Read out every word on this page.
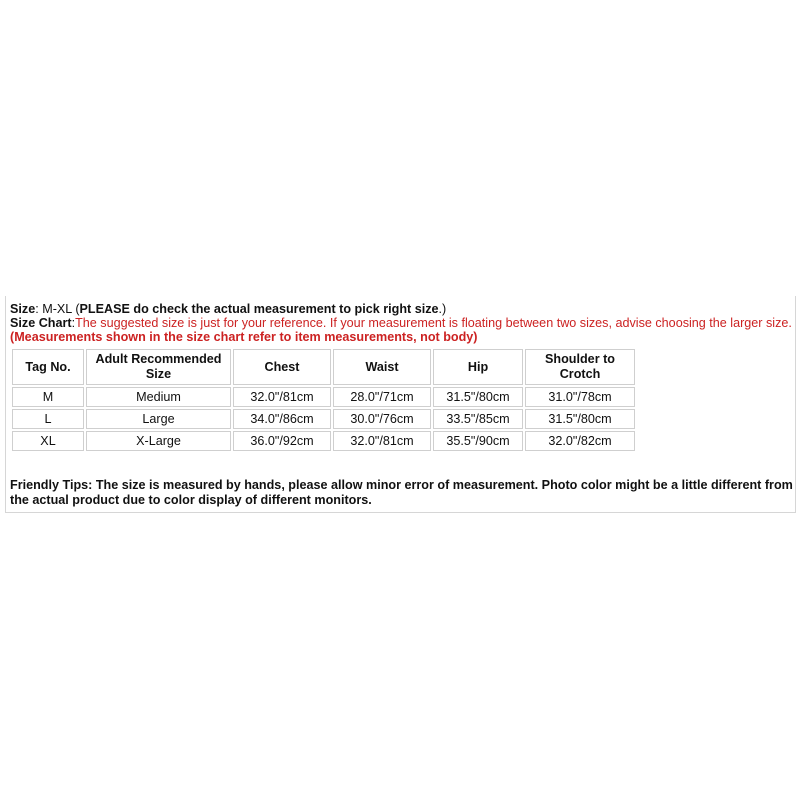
Size: M-XL (PLEASE do check the actual measurement to pick right size.)
Size Chart:The suggested size is just for your reference. If your measurement is floating between two sizes, advise choosing the larger size. (Measurements shown in the size chart refer to item measurements, not body)
Tag No.	Adult Recommended Size	Chest	Waist	Hip	Shoulder to Crotch
M	Medium	32.0"/81cm	28.0"/71cm	31.5"/80cm	31.0"/78cm
L	Large	34.0"/86cm	30.0"/76cm	33.5"/85cm	31.5"/80cm
XL	X-Large	36.0"/92cm	32.0"/81cm	35.5"/90cm	32.0"/82cm
Friendly Tips: The size is measured by hands, please allow minor error of measurement. Photo color might be a little different from the actual product due to color display of different monitors.
